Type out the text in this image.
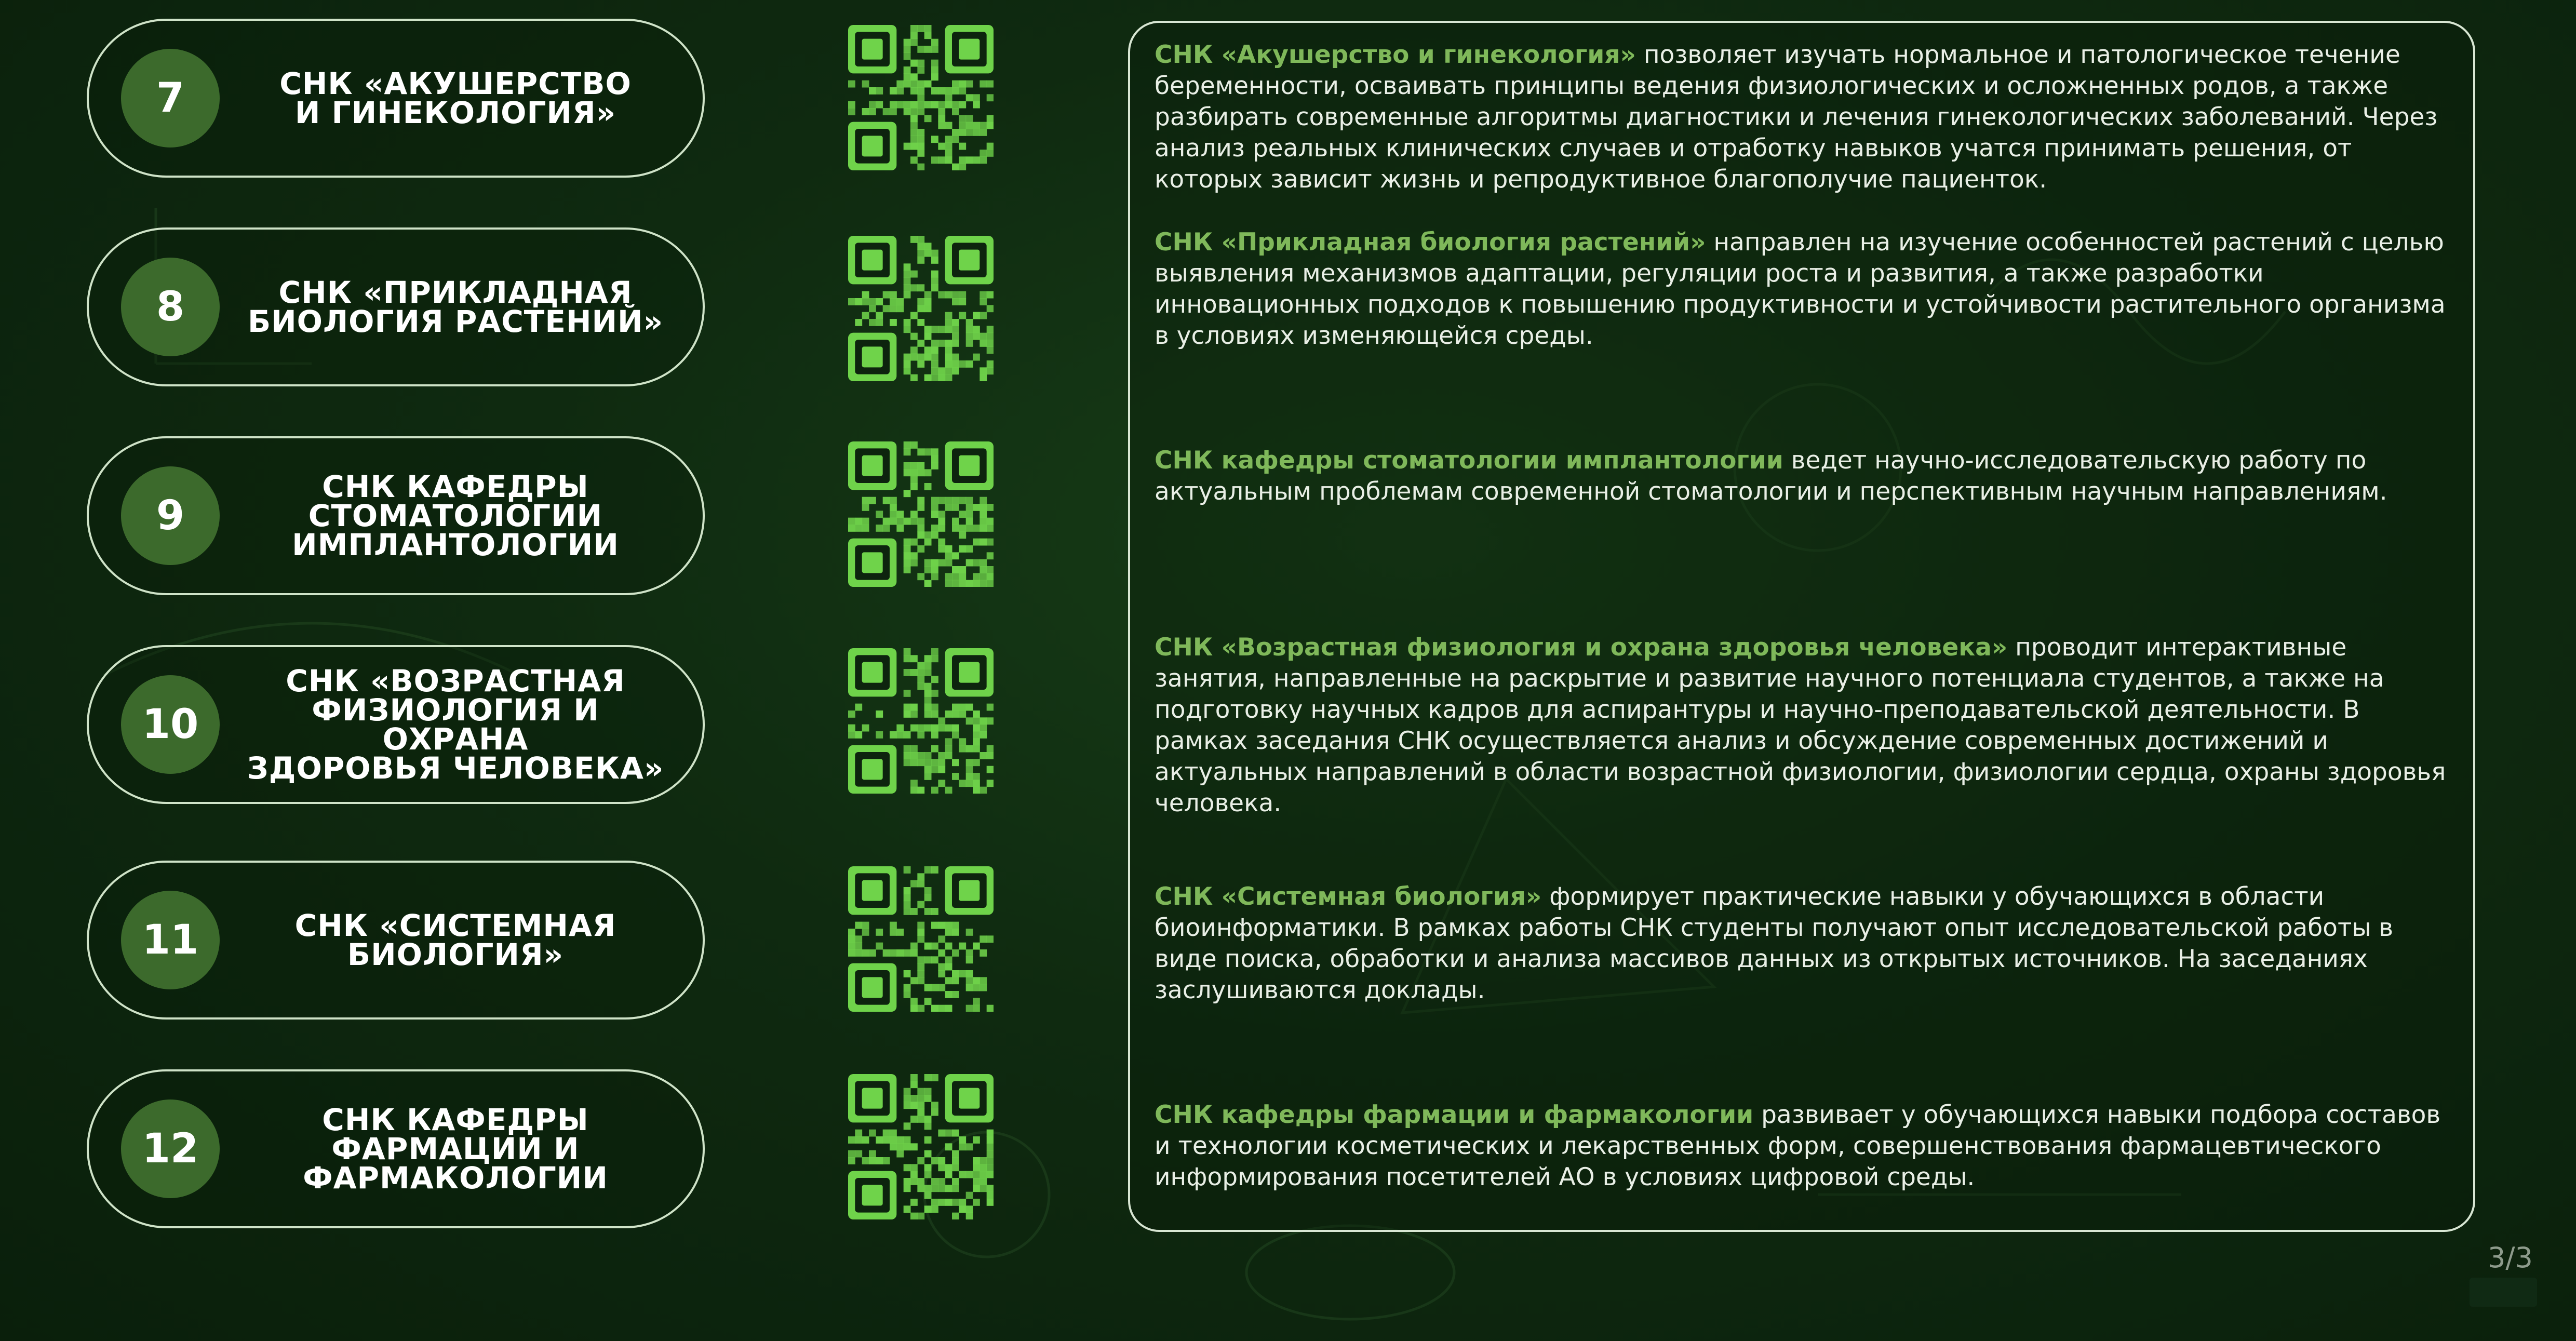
7	СНК «АКУШЕРСТВО
И ГИНЕКОЛОГИЯ»
8	СНК «ПРИКЛАДНАЯ
БИОЛОГИЯ РАСТЕНИЙ»
9
СНК КАФЕДРЫ
СТОМАТОЛОГИИ
ИМПЛАНТОЛОГИИ
10
СНК «ВОЗРАСТНАЯ
ФИЗИОЛОГИЯ И ОХРАНА
ЗДОРОВЬЯ ЧЕЛОВЕКА»
11	СНК «СИСТЕМНАЯ
БИОЛОГИЯ»
12
СНК КАФЕДРЫ
ФАРМАЦИИ И
ФАРМАКОЛОГИИ
СНК «Акушерство и гинекология» позволяет изучать нормальное и патологическое течение беременности, осваивать принципы ведения физиологических и осложненных родов, а также разбирать современные алгоритмы диагностики и лечения гинекологических заболеваний. Через анализ реальных клинических случаев и отработку навыков учатся принимать решения, от которых зависит жизнь и репродуктивное благополучие пациенток.
СНК «Прикладная биология растений» направлен на изучение особенностей растений с целью выявления механизмов адаптации, регуляции роста и развития, а также разработки инновационных подходов к повышению продуктивности и устойчивости растительного организма в условиях изменяющейся среды.
СНК кафедры стоматологии имплантологии ведет научно-исследовательскую работу по актуальным проблемам современной стоматологии и перспективным научным направлениям.
СНК «Возрастная физиология и охрана здоровья человека» проводит интерактивные занятия, направленные на раскрытие и развитие научного потенциала студентов, а также на подготовку научных кадров для аспирантуры и научно-преподавательской деятельности. В рамках заседания СНК осуществляется анализ и обсуждение современных достижений и актуальных направлений в области возрастной физиологии, физиологии сердца, охраны здоровья человека.
СНК «Системная биология» формирует практические навыки у обучающихся в области биоинформатики. В рамках работы СНК студенты получают опыт исследовательской работы в виде поиска, обработки и анализа массивов данных из открытых источников. На заседаниях заслушиваются доклады.
СНК кафедры фармации и фармакологии развивает у обучающихся навыки подбора составов и технологии косметических и лекарственных форм, совершенствования фармацевтического информирования посетителей АО в условиях цифровой среды.
3/3
